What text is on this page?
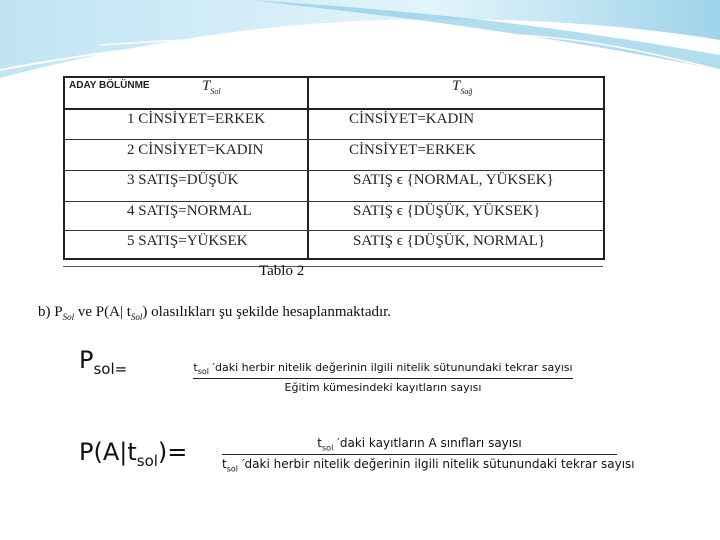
ADAY BÖLÜNME	$T_{Sol}$	$T_{Sağ}$
1 CİNSİYET=ERKEK	CİNSİYET=KADIN
2 CİNSİYET=KADIN	CİNSİYET=ERKEK
3 SATIŞ=DÜŞÜK	SATIŞ ϵ {NORMAL, YÜKSEK}
4 SATIŞ=NORMAL	SATIŞ ϵ {DÜŞÜK, YÜKSEK}
5 SATIŞ=YÜKSEK	SATIŞ ϵ {DÜŞÜK, NORMAL}
Tablo 2
b) $P_{Sol}$ ve P(A| $t_{Sol}$) olasılıkları şu şekilde hesaplanmaktadır.
$P_{sol=}$	$t_{sol}$ ′daki herbir nitelik değerinin ilgili nitelik sütunundaki tekrar sayısı
Eğitim kümesindeki kayıtların sayısı
$P(A|t_{sol})=$	$t_{sol}$ ′daki kayıtların A sınıfları sayısı
$t_{sol}$ ′daki herbir nitelik değerinin ilgili nitelik sütunundaki tekrar sayısı
